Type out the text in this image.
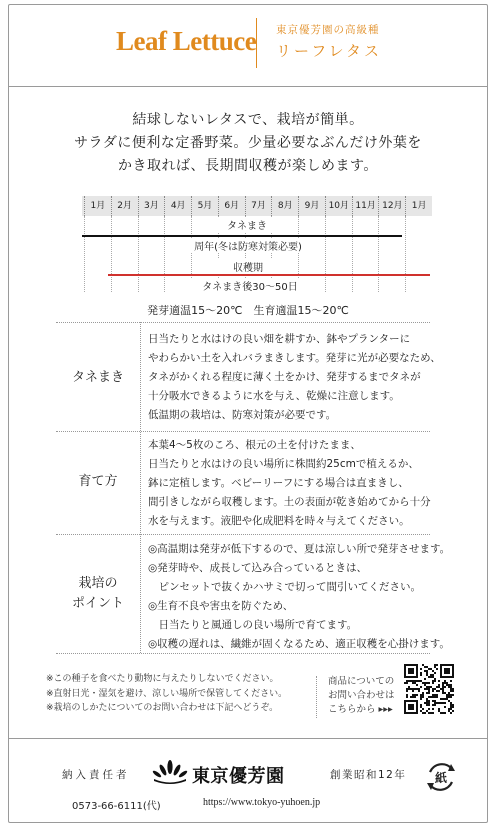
Leaf Lettuce 東京優芳園の高級種
リーフレタス
結球しないレタスで、栽培が簡単。
サラダに便利な定番野菜。少量必要なぶんだけ外葉を
かき取れば、長期間収穫が楽しめます。
1月	2月	3月	4月	5月	6月	7月	8月	9月	10月 11月 12月	1月
タネまき
周年(冬は防寒対策必要)
収穫期
タネまき後30〜50日
発芽適温15〜20℃　生育適温15〜20℃
タネまき
日当たりと水はけの良い畑を耕すか、鉢やプランターに
やわらかい土を入れバラまきします。発芽に光が必要なため、
タネがかくれる程度に薄く土をかけ、発芽するまでタネが
十分吸水できるように水を与え、乾燥に注意します。
低温期の栽培は、防寒対策が必要です。
育て方
本葉4〜5枚のころ、根元の土を付けたまま、
日当たりと水はけの良い場所に株間約25cmで植えるか、
鉢に定植します。ベビーリーフにする場合は直まきし、
間引きしながら収穫します。土の表面が乾き始めてから十分
水を与えます。液肥や化成肥料を時々与えてください。
栽培の
ポイント
◎高温期は発芽が低下するので、夏は涼しい所で発芽させます。
◎発芽時や、成長して込み合っているときは、
　ピンセットで抜くかハサミで切って間引いてください。
◎生育不良や害虫を防ぐため、
　日当たりと風通しの良い場所で育てます。
◎収穫の遅れは、繊維が固くなるため、適正収穫を心掛けます。
※この種子を食べたり動物に与えたりしないでください。
※直射日光・湿気を避け、涼しい場所で保管してください。
※栽培のしかたについてのお問い合わせは下記へどうぞ。
商品についての
お問い合わせは
こちらから ▸▸▸
納入責任者	東京優芳園	創業昭和12年 紙
0573-66-6111(代)	https://www.tokyo-yuhoen.jp
